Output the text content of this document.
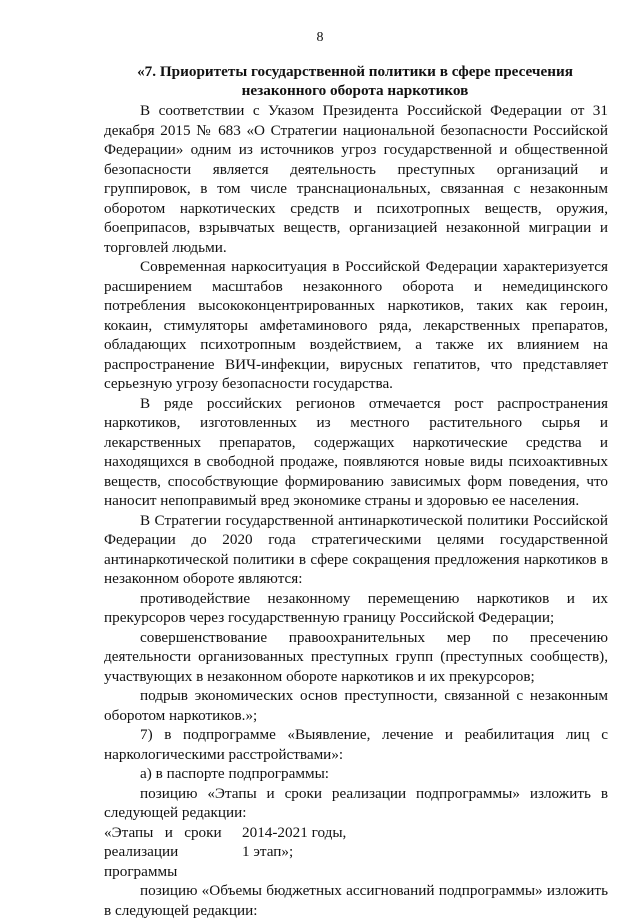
8
«7. Приоритеты государственной политики в сфере пресечения
незаконного оборота наркотиков

В соответствии с Указом Президента Российской Федерации от 31 декабря 2015 № 683 «О Стратегии национальной безопасности Российской Федерации» одним из источников угроз государственной и общественной безопасности является деятельность преступных организаций и группировок, в том числе транснациональных, связанная с незаконным оборотом наркотических средств и психотропных веществ, оружия, боеприпасов, взрывчатых веществ, организацией незаконной миграции и торговлей людьми.

Современная наркоситуация в Российской Федерации характеризуется расширением масштабов незаконного оборота и немедицинского потребления высококонцентрированных наркотиков, таких как героин, кокаин, стимуляторы амфетаминового ряда, лекарственных препаратов, обладающих психотропным воздействием, а также их влиянием на распространение ВИЧ-инфекции, вирусных гепатитов, что представляет серьезную угрозу безопасности государства.

В ряде российских регионов отмечается рост распространения наркотиков, изготовленных из местного растительного сырья и лекарственных препаратов, содержащих наркотические средства и находящихся в свободной продаже, появляются новые виды психоактивных веществ, способствующие формированию зависимых форм поведения, что наносит непоправимый вред экономике страны и здоровью ее населения.

В Стратегии государственной антинаркотической политики Российской Федерации до 2020 года стратегическими целями государственной антинаркотической политики в сфере сокращения предложения наркотиков в незаконном обороте являются:

противодействие незаконному перемещению наркотиков и их прекурсоров через государственную границу Российской Федерации;

совершенствование правоохранительных мер по пресечению деятельности организованных преступных групп (преступных сообществ), участвующих в незаконном обороте наркотиков и их прекурсоров;

подрыв экономических основ преступности, связанной с незаконным оборотом наркотиков.»;

7) в подпрограмме «Выявление, лечение и реабилитация лиц с наркологическими расстройствами»:

а) в паспорте подпрограммы:

позицию «Этапы и сроки реализации подпрограммы» изложить в следующей редакции:

«Этапы   и   сроки	2014-2021 годы,
реализации	1 этап»;
программы

позицию «Объемы бюджетных ассигнований подпрограммы» изложить в следующей редакции:
